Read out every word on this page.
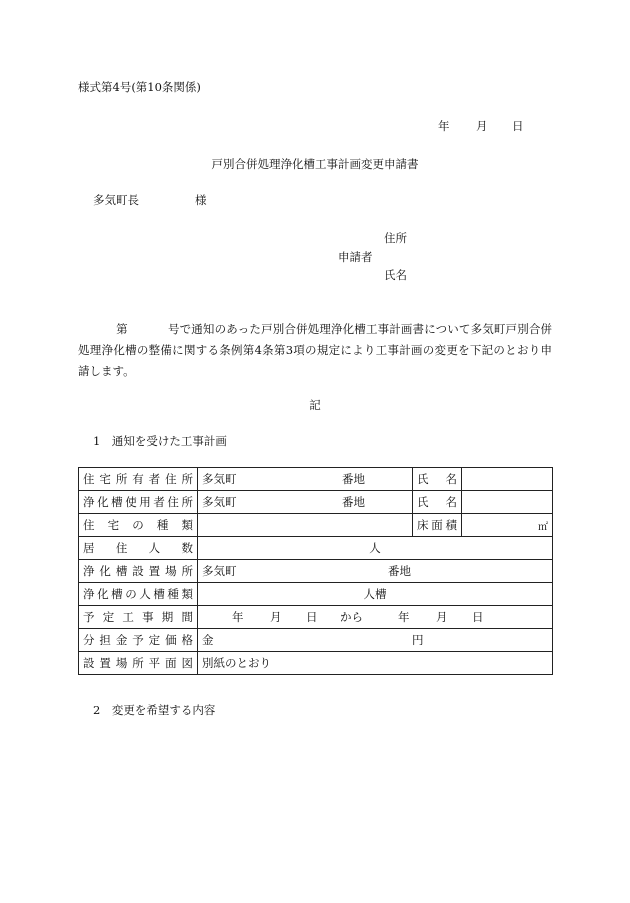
様式第4号(第10条関係)
年 月 日
戸別合併処理浄化槽工事計画変更申請書
多気町長	様
住所
申請者
氏名
第	号で通知のあった戸別合併処理浄化槽工事計画書について多気町戸別合併処理浄化槽の整備に関する条例第4条第3項の規定により工事計画の変更を下記のとおり申請します。
記
1　通知を受けた工事計画
住宅所有者住所	多気町 番地	氏　名	
浄化槽使用者住所	多気町 番地	氏　名	
住宅の種類		床面積	㎡

居住人数	人		
浄化槽設置場所	多気町 番地		
浄化槽の人槽種類	人槽		
予定工事期間	年 月 日 から 年 月 日		
分担金予定価格	金 円		
設置場所平面図	別紙のとおり		
2　変更を希望する内容
